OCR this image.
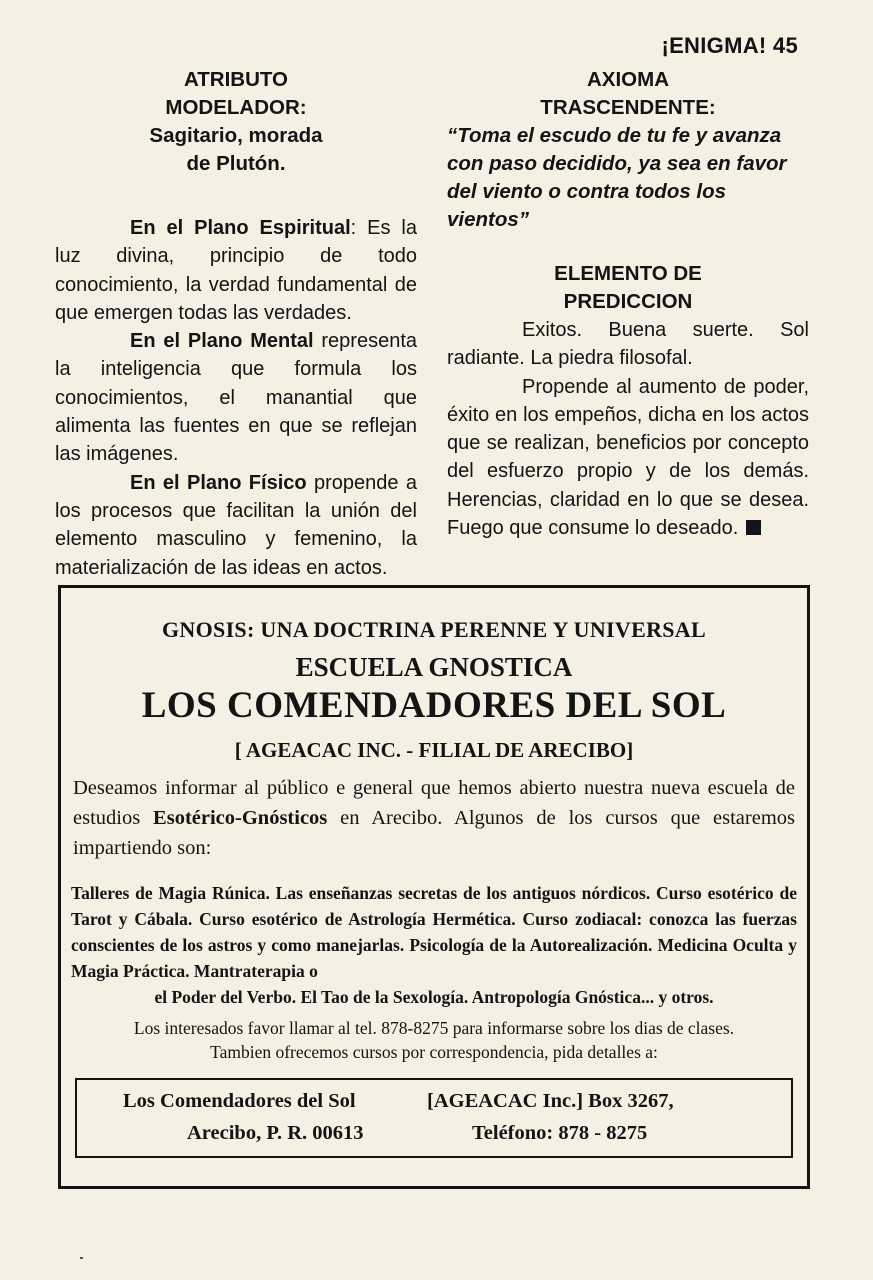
¡ENIGMA! 45
ATRIBUTO
MODELADOR:
Sagitario, morada
de Plutón.

En el Plano Espiritual: Es la luz divina, principio de todo conocimiento, la verdad fundamental de que emergen todas las verdades.

En el Plano Mental representa la inteligencia que formula los conocimientos, el manantial que alimenta las fuentes en que se reflejan las imágenes.

En el Plano Físico propende a los procesos que facilitan la unión del elemento masculino y femenino, la materialización de las ideas en actos.

AXIOMA
TRASCENDENTE:
“Toma el escudo de tu fe y avanza con paso decidido, ya sea en favor del viento o contra todos los vientos”
ELEMENTO DE
PREDICCION

Exitos. Buena suerte. Sol radiante. La piedra filosofal.

Propende al aumento de poder, éxito en los empeños, dicha en los actos que se realizan, beneficios por concepto del esfuerzo propio y de los demás. Herencias, claridad en lo que se desea. Fuego que consume lo deseado.

GNOSIS: UNA DOCTRINA PERENNE Y UNIVERSAL
ESCUELA GNOSTICA
LOS COMENDADORES DEL SOL
[ AGEACAC INC. - FILIAL DE ARECIBO]
Deseamos informar al público e general que hemos abierto nuestra nueva escuela de estudios Esotérico-Gnósticos en Arecibo. Algunos de los cursos que estaremos impartiendo son:
Talleres de Magia Rúnica. Las enseñanzas secretas de los antiguos nórdicos. Curso esotérico de Tarot y Cábala. Curso esotérico de Astrología Hermética. Curso zodiacal: conozca las fuerzas conscientes de los astros y como manejarlas. Psicología de la Autorealización. Medicina Oculta y Magia Práctica. Mantraterapia o
el Poder del Verbo. El Tao de la Sexología. Antropología Gnóstica... y otros.
Los interesados favor llamar al tel. 878-8275 para informarse sobre los dias de clases.
Tambien ofrecemos cursos por correspondencia, pida detalles a:
Los Comendadores del Sol	[AGEACAC Inc.] Box 3267,
Arecibo, P. R. 00613	Teléfono: 878 - 8275
